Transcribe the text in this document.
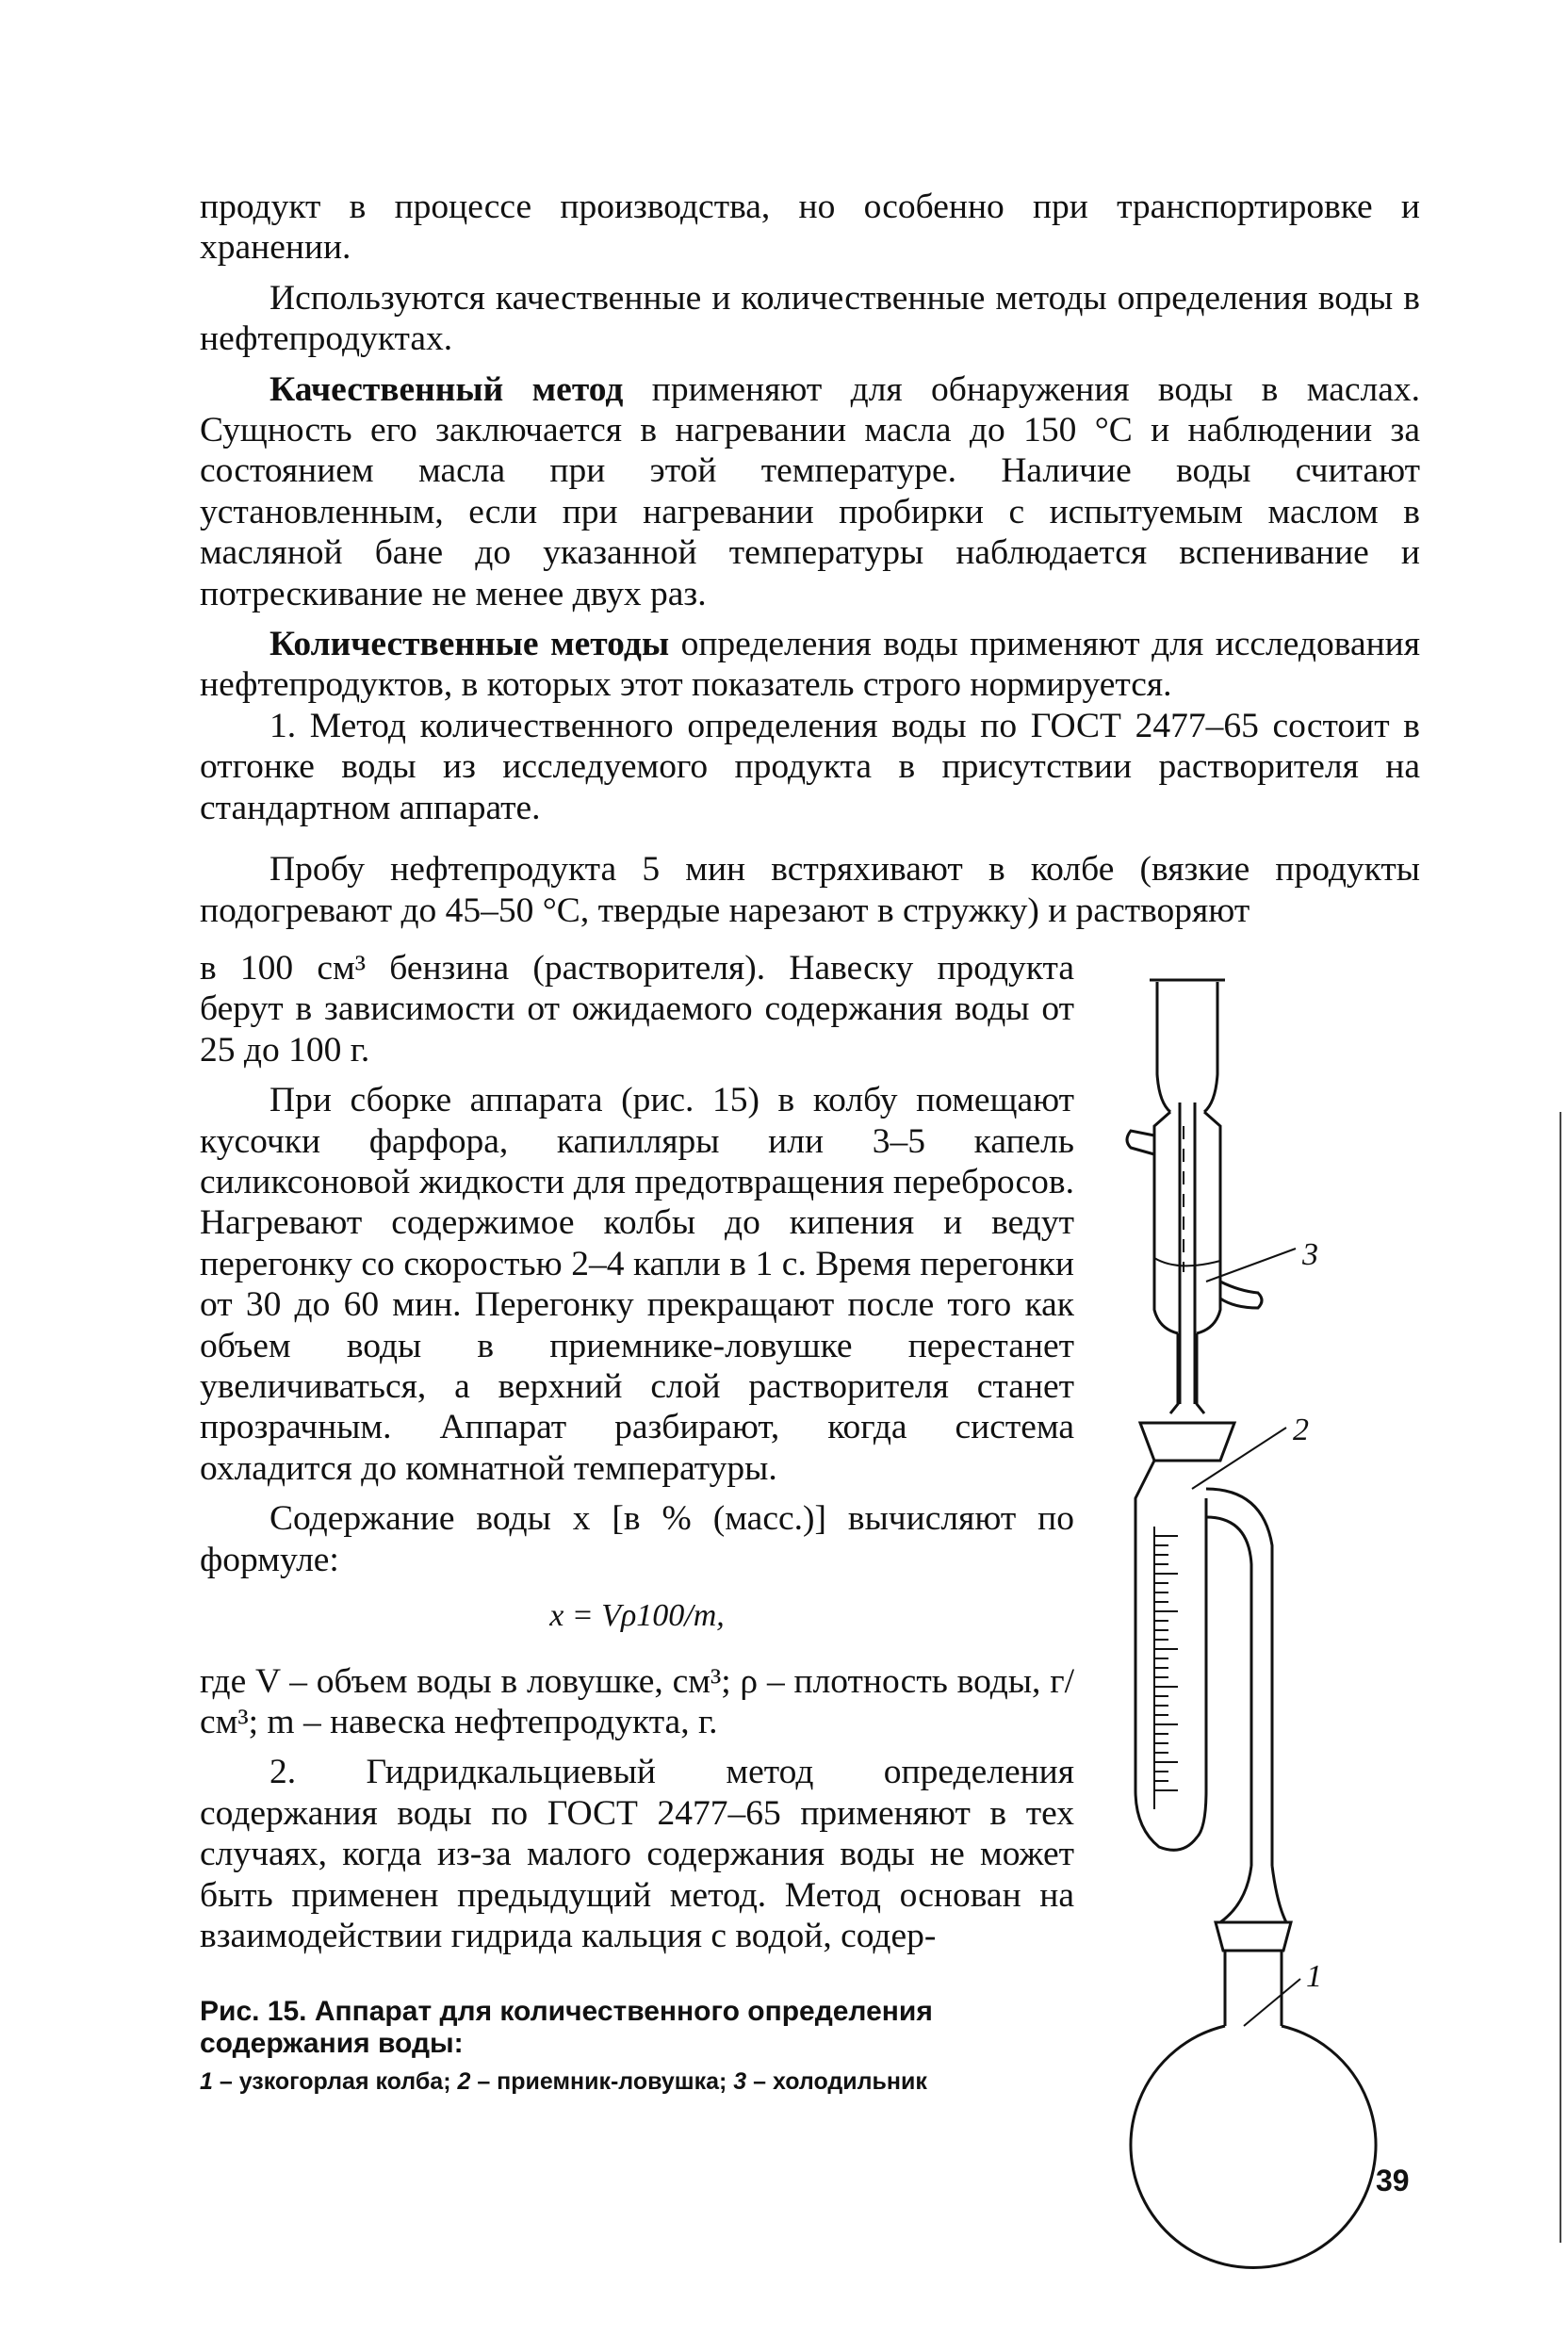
продукт в процессе производства, но особенно при транспортировке и хранении.

Используются качественные и количественные методы определения воды в нефтепродуктах.

Качественный метод применяют для обнаружения воды в маслах. Сущность его заключается в нагревании масла до 150 °С и наблюдении за состоянием масла при этой температуре. Наличие воды считают установленным, если при нагревании пробирки с испытуемым маслом в масляной бане до указанной температуры наблюдается вспенивание и потрескивание не менее двух раз.

Количественные методы определения воды применяют для исследования нефтепродуктов, в которых этот показатель строго нормируется.

1. Метод количественного определения воды по ГОСТ 2477–65 состоит в отгонке воды из исследуемого продукта в присутствии растворителя на стандартном аппарате.

Пробу нефтепродукта 5 мин встряхивают в колбе (вязкие продукты подогревают до 45–50 °С, твердые нарезают в стружку) и растворяют

в 100 см³ бензина (растворителя). Навеску продукта берут в зависимости от ожидаемого содержания воды от 25 до 100 г.

При сборке аппарата (рис. 15) в колбу помещают кусочки фарфора, капилляры или 3–5 капель силиксоновой жидкости для предотвращения перебросов. Нагревают содержимое колбы до кипения и ведут перегонку со скоростью 2–4 капли в 1 с. Время перегонки от 30 до 60 мин. Перегонку прекращают после того как объем воды в приемнике-ловушке перестанет увеличиваться, а верхний слой растворителя станет прозрачным. Аппарат разбирают, когда система охладится до комнатной температуры.

Содержание воды x [в % (масс.)] вычисляют по формуле:

x = Vρ100/m,

где V – объем воды в ловушке, см³; ρ – плотность воды, г/см³; m – навеска нефтепродукта, г.

2. Гидридкальциевый метод определения содержания воды по ГОСТ 2477–65 применяют в тех случаях, когда из-за малого содержания воды не может быть применен предыдущий метод. Метод основан на взаимодействии гидрида кальция с водой, содер-

3
2
1

Рис. 15. Аппарат для количественного определения содержания воды:

1 – узкогорлая колба; 2 – приемник-ловушка; 3 – холодильник

39
